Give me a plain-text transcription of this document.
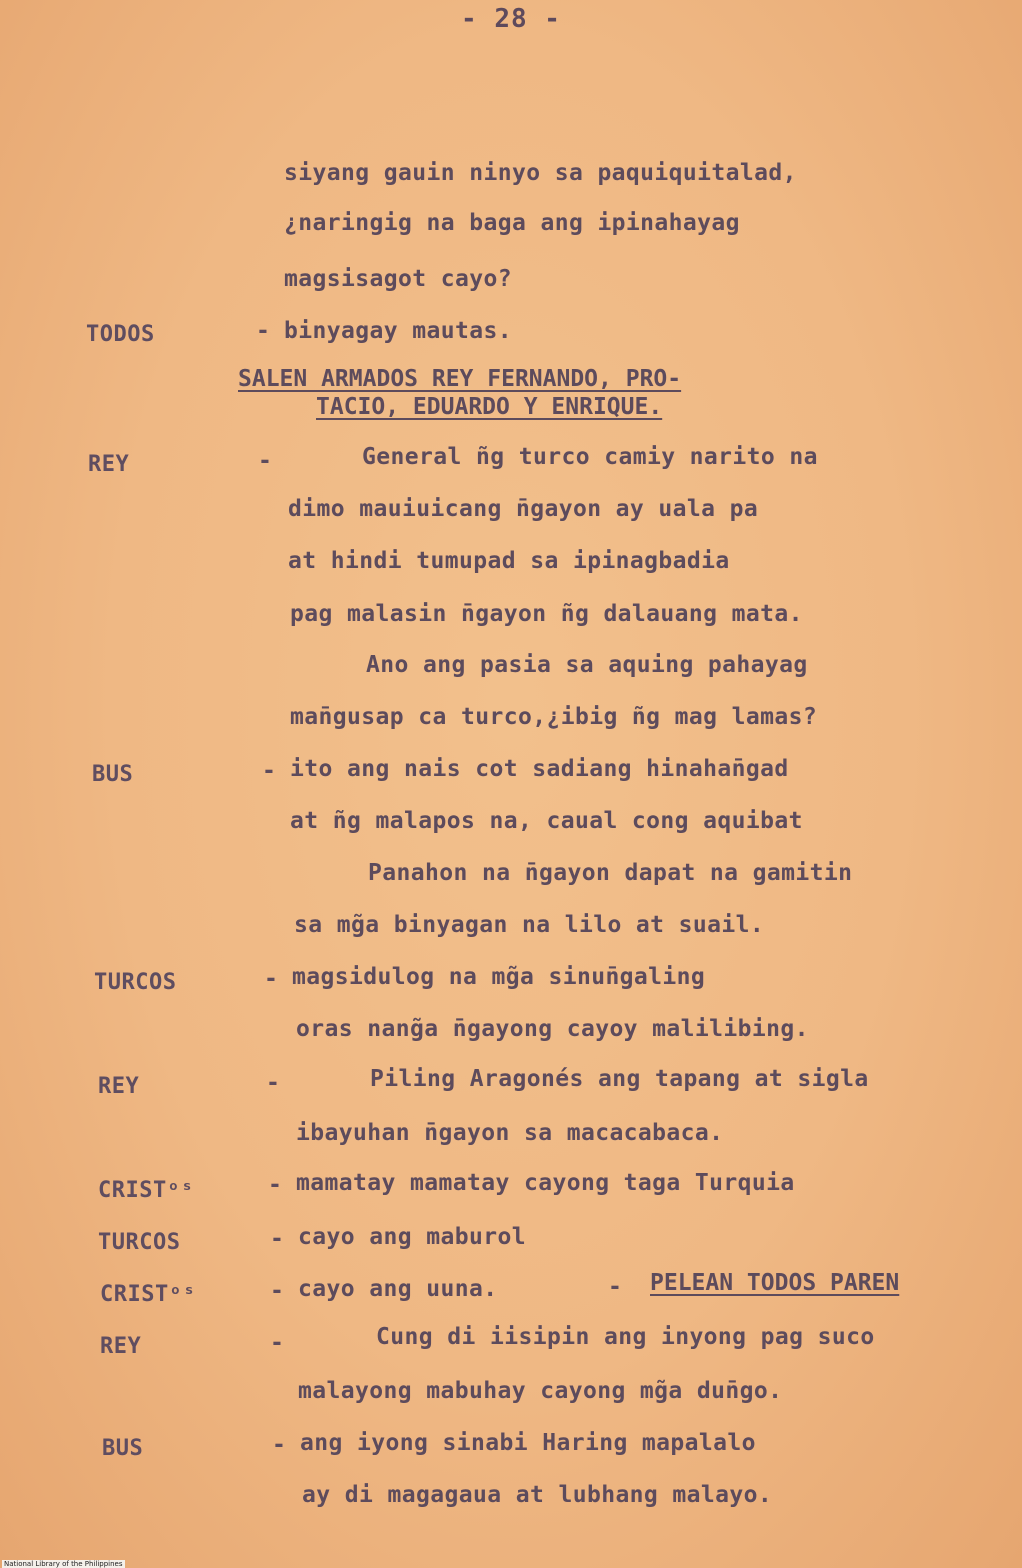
- 28 -
siyang gauin ninyo sa paquiquitalad,
¿naringig na baga ang ipinahayag
magsisagot cayo?
TODOS	- binyagay mautas.
SALEN ARMADOS REY FERNANDO, PRO-
TACIO, EDUARDO Y ENRIQUE.
REY	-	General ñg turco camiy narito na
dimo mauiuicang n̄gayon ay uala pa
at hindi tumupad sa ipinagbadia
pag malasin n̄gayon ñg dalauang mata.
Ano ang pasia sa aquing pahayag
man̄gusap ca turco,¿ibig ñg mag lamas?
BUS	- ito ang nais cot sadiang hinahan̄gad
at ñg malapos na, caual cong aquibat
Panahon na n̄gayon dapat na gamitin
sa mg̃a binyagan na lilo at suail.
TURCOS	- magsidulog na mg̃a sinun̄galing
oras nang̃a n̄gayong cayoy malilibing.
REY	-	Piling Aragonés ang tapang at sigla
ibayuhan n̄gayon sa macacabaca.
CRISTᵒˢ	- mamatay mamatay cayong taga Turquia
TURCOS	- cayo ang maburol
CRISTᵒˢ	- cayo ang uuna.	- PELEAN TODOS PAREN
REY	-	Cung di iisipin ang inyong pag suco
malayong mabuhay cayong mg̃a dun̄go.
BUS	- ang iyong sinabi Haring mapalalo
ay di magagaua at lubhang malayo.
National Library of the Philippines
